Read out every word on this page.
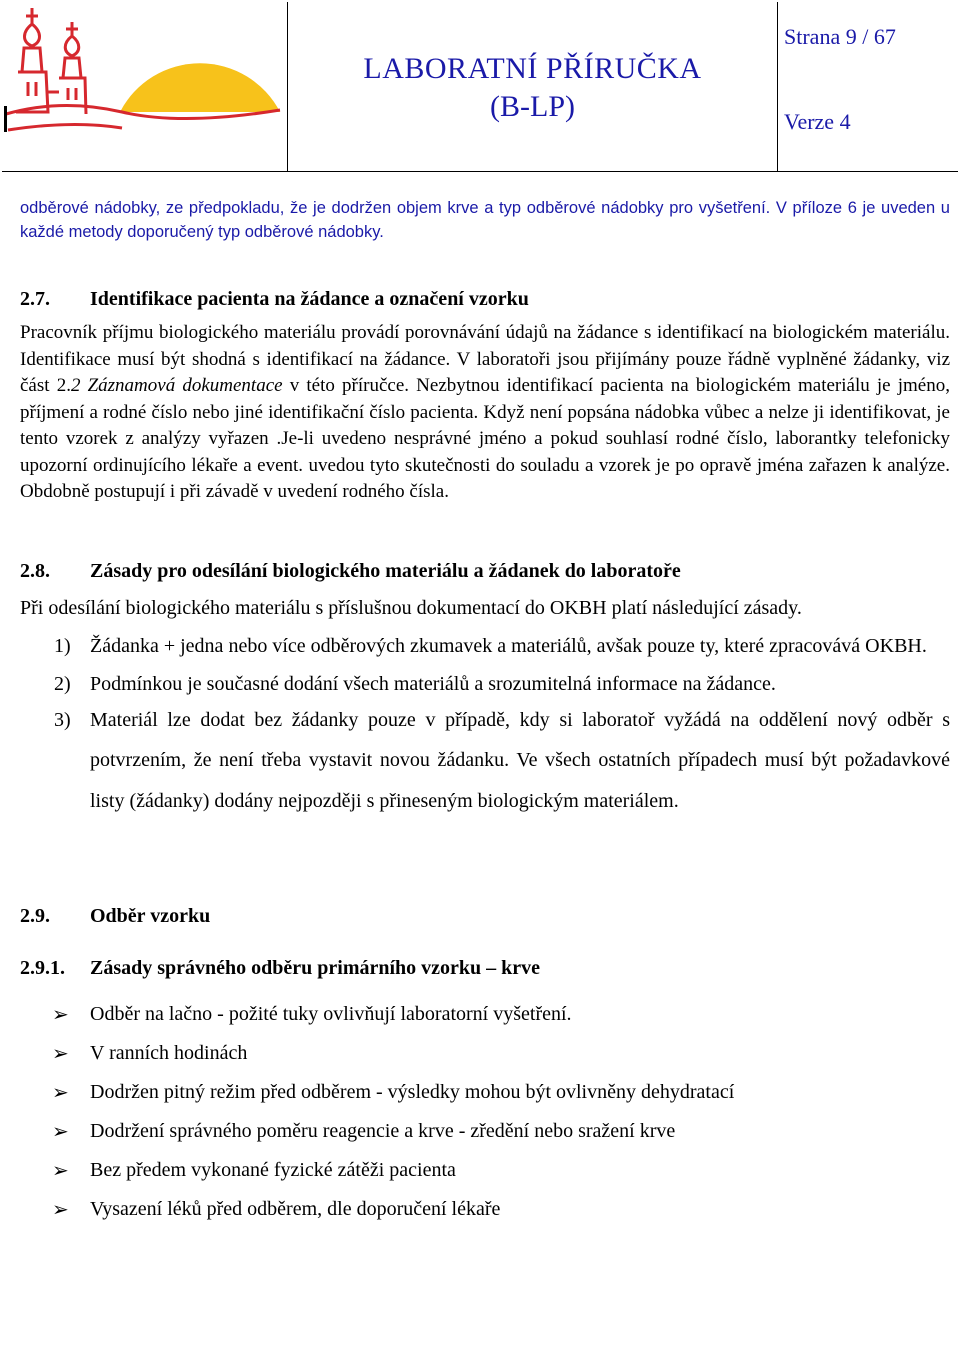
LABORATNÍ PŘÍRUČKA
(B-LP)
Strana 9 / 67
Verze 4

odběrové nádobky, ze předpokladu, že je dodržen objem krve a typ odběrové nádobky pro vyšetření. V příloze 6 je uveden u každé metody doporučený typ odběrové nádobky.

2.7.	Identifikace pacienta na žádance a označení vzorku

Pracovník příjmu biologického materiálu provádí porovnávání údajů na žádance s identifikací na biologickém materiálu. Identifikace musí být shodná s identifikací na žádance. V laboratoři jsou přijímány pouze řádně vyplněné žádanky, viz část 2.2 Záznamová dokumentace v této příručce. Nezbytnou identifikací pacienta na biologickém materiálu je jméno, příjmení a rodné číslo nebo jiné identifikační číslo pacienta. Když není popsána nádobka vůbec a nelze ji identifikovat, je tento vzorek z analýzy vyřazen .Je-li uvedeno nesprávné jméno a pokud souhlasí rodné číslo, laborantky telefonicky upozorní ordinujícího lékaře a event. uvedou tyto skutečnosti do souladu a vzorek je po opravě jména zařazen k analýze. Obdobně postupují i při závadě v uvedení rodného čísla.

2.8.	Zásady pro odesílání biologického materiálu a žádanek do laboratoře

Při odesílání biologického materiálu s příslušnou dokumentací do OKBH platí následující zásady.

1) Žádanka + jedna nebo více odběrových zkumavek a materiálů, avšak pouze ty, které zpracovává OKBH.
2) Podmínkou je současné dodání všech materiálů a srozumitelná informace na žádance.
3) Materiál lze dodat bez žádanky pouze v případě, kdy si laboratoř vyžádá na oddělení nový odběr s potvrzením, že není třeba vystavit novou žádanku. Ve všech ostatních případech musí být požadavkové listy (žádanky) dodány nejpozději s přineseným biologickým materiálem.
2.9.	Odběr vzorku
2.9.1.	Zásady správného odběru primárního vzorku – krve
➢	Odběr na lačno - požité tuky ovlivňují laboratorní vyšetření.
➢	V ranních hodinách
➢	Dodržen pitný režim před odběrem - výsledky mohou být ovlivněny dehydratací
➢	Dodržení správného poměru reagencie a krve - zředění nebo sražení krve
➢	Bez předem vykonané fyzické zátěži pacienta
➢	Vysazení léků před odběrem, dle doporučení lékaře
